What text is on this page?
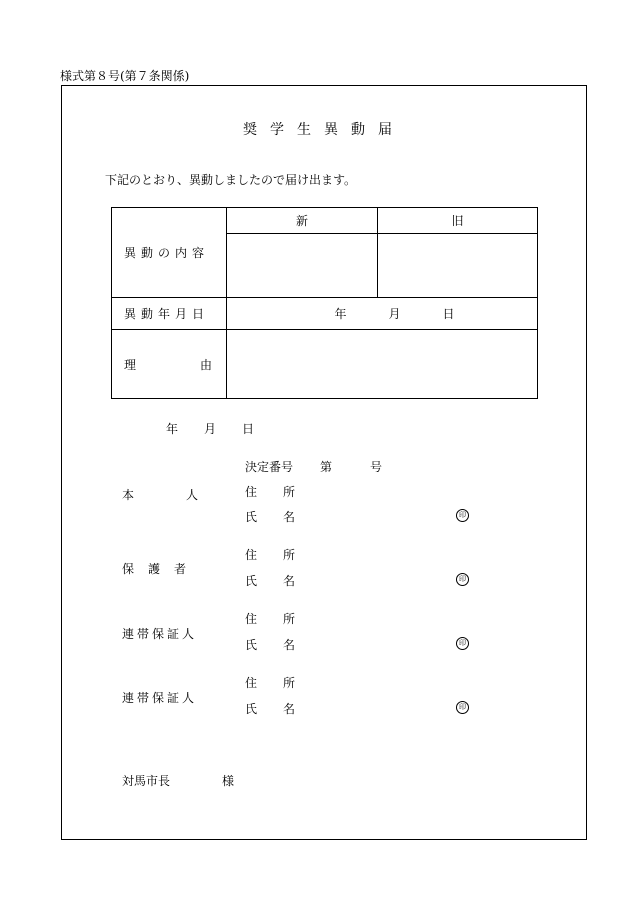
様式第８号(第７条関係)
奨学生異動届
下記のとおり、異動しましたので届け出ます。
異動の内容	新	旧

異動年月日	年 月 日	

理 由		

年 月 日
決定番号 第	号
本	人	住 所
氏 名	印
保護者
住 所
氏 名	印
連帯保証人
住 所
氏 名	印
連帯保証人
住 所
氏 名	印
対馬市長	様
